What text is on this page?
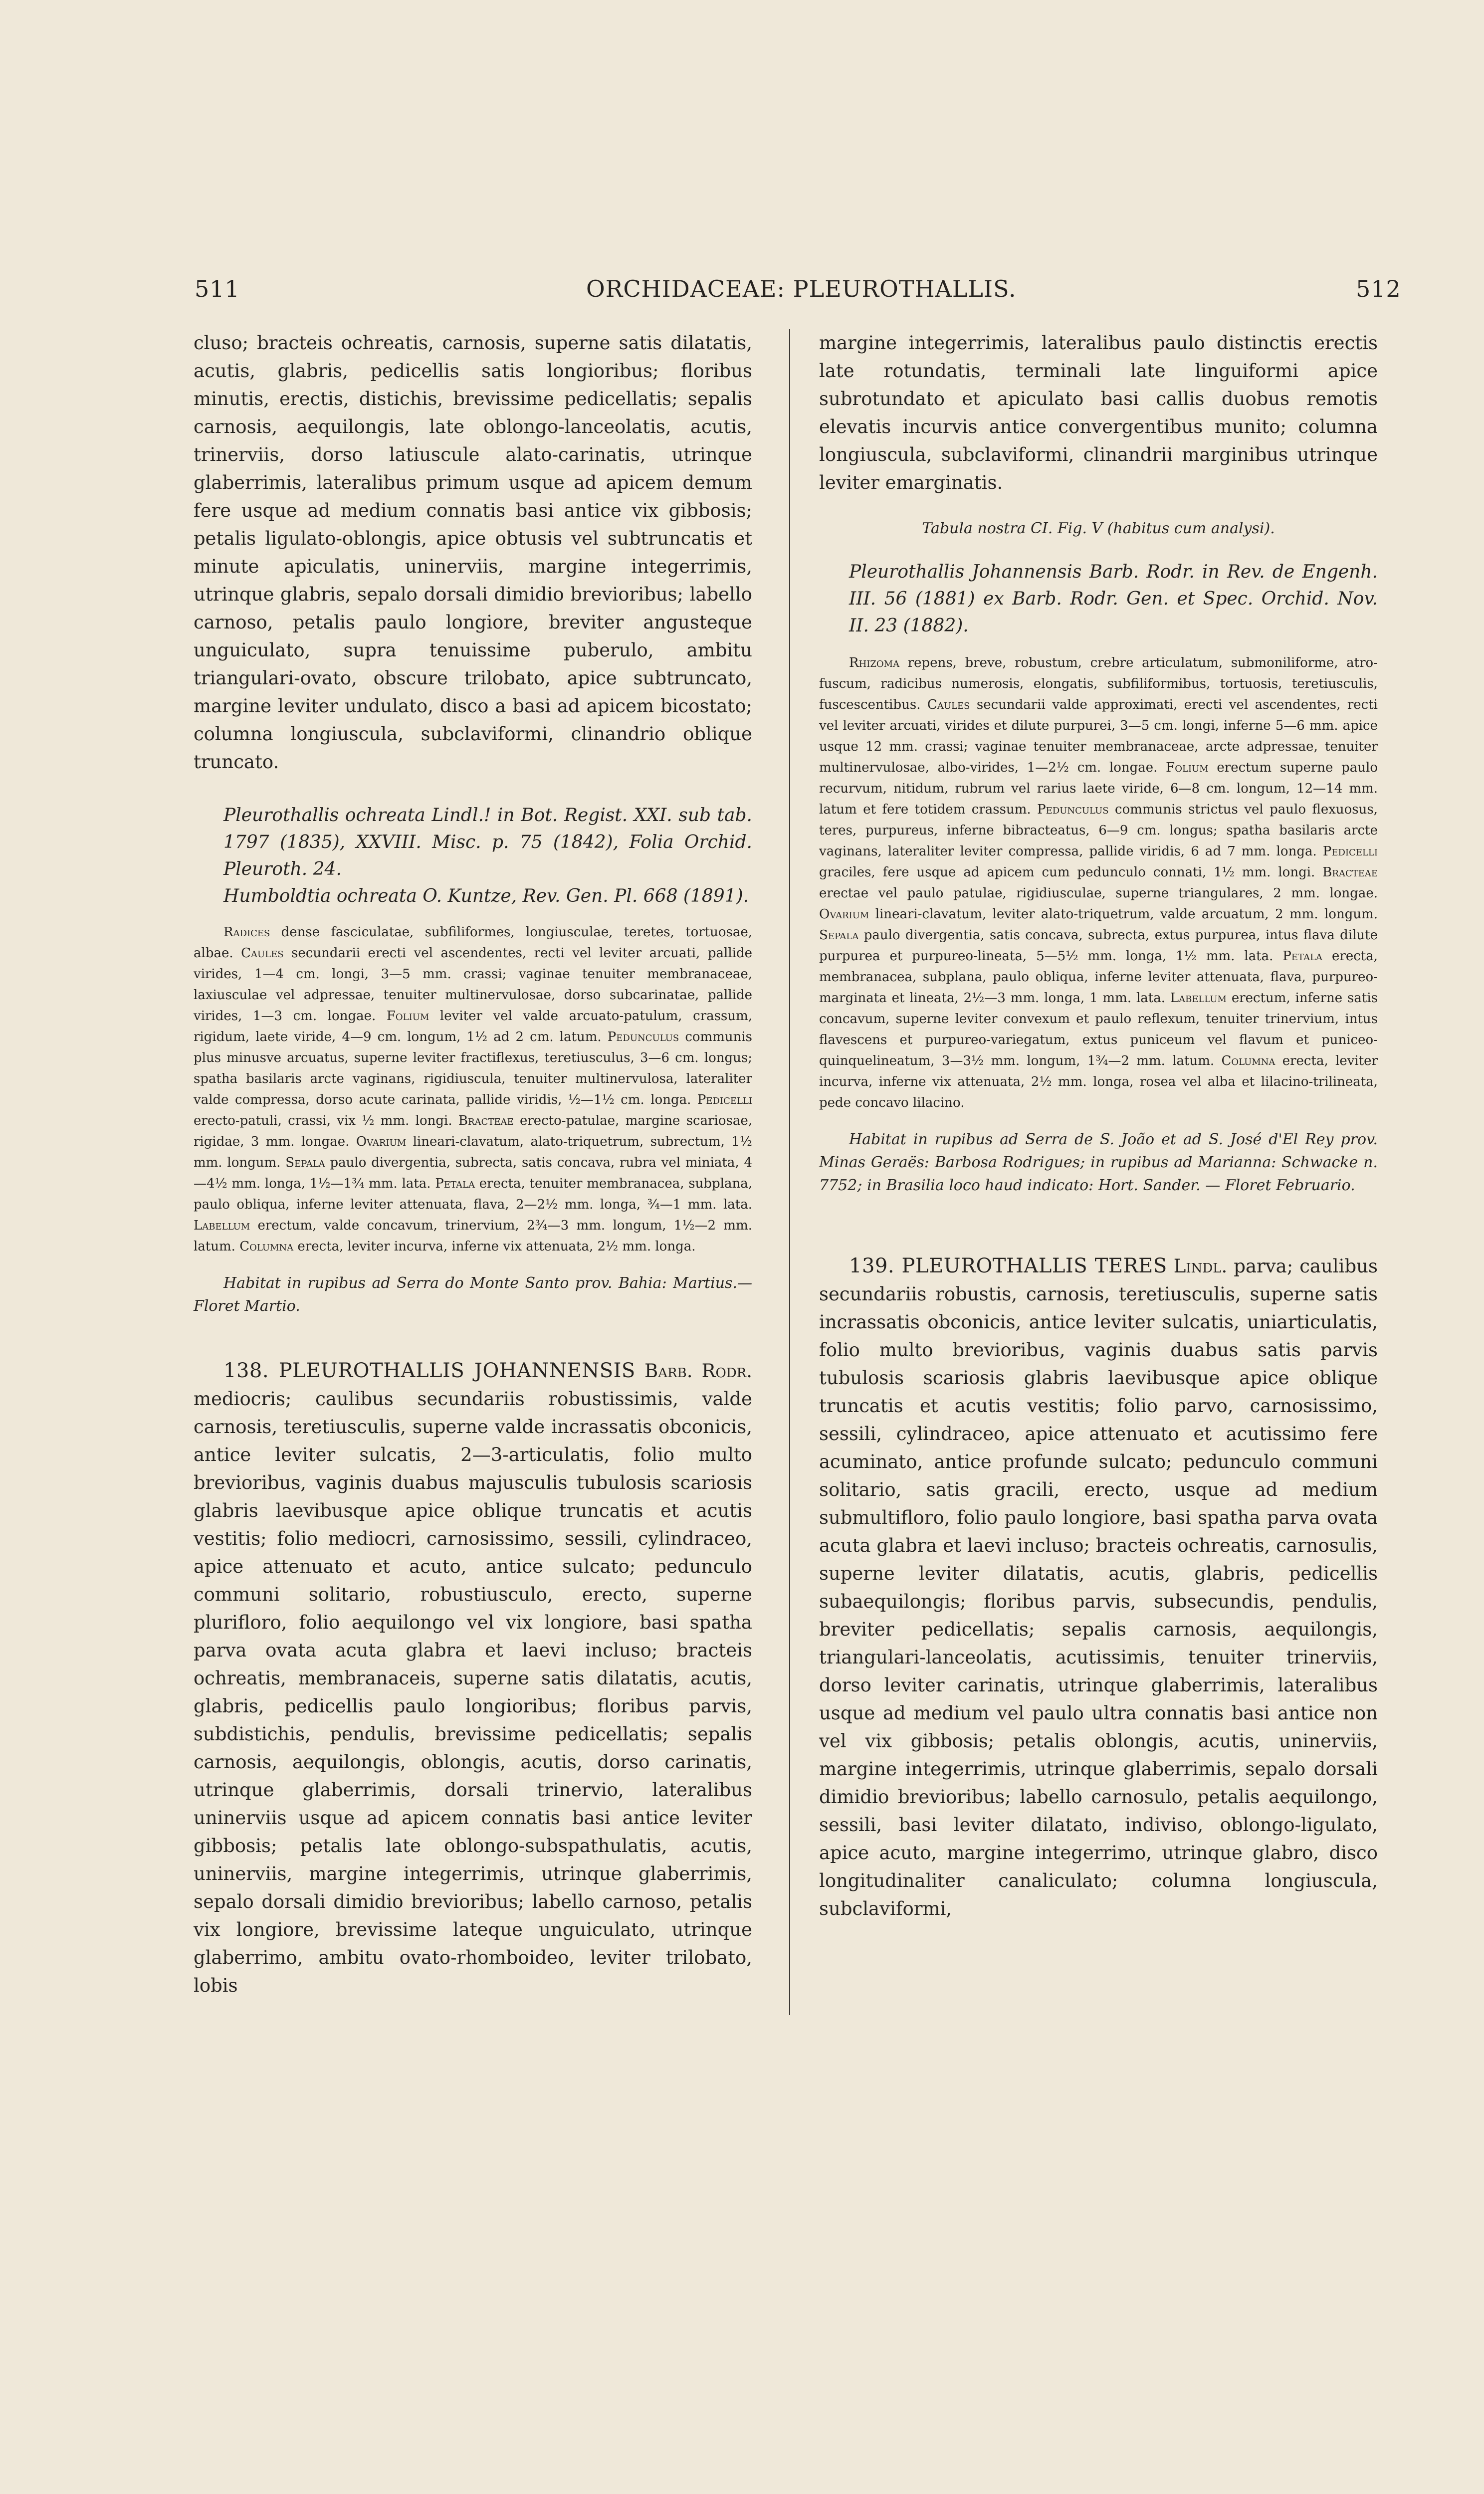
511	ORCHIDACEAE: PLEUROTHALLIS.	512

cluso; bracteis ochreatis, carnosis, superne satis dilatatis, acutis, glabris, pedicellis satis longioribus; floribus minutis, erectis, distichis, brevissime pedicellatis; sepalis carnosis, aequilongis, late oblongo-lanceolatis, acutis, trinerviis, dorso latiuscule alato-carinatis, utrinque glaberrimis, lateralibus primum usque ad apicem demum fere usque ad medium connatis basi antice vix gibbosis; petalis ligulato-oblongis, apice obtusis vel subtruncatis et minute apiculatis, uninerviis, margine integerrimis, utrinque glabris, sepalo dorsali dimidio brevioribus; labello carnoso, petalis paulo longiore, breviter angusteque unguiculato, supra tenuissime puberulo, ambitu triangulari-ovato, obscure trilobato, apice subtruncato, margine leviter undulato, disco a basi ad apicem bicostato; columna longiuscula, subclaviformi, clinandrio oblique truncato.

Pleurothallis ochreata Lindl.! in Bot. Regist. XXI. sub tab. 1797 (1835), XXVIII. Misc. p. 75 (1842), Folia Orchid. Pleuroth. 24.

Humboldtia ochreata O. Kuntze, Rev. Gen. Pl. 668 (1891).

Radices dense fasciculatae, subfiliformes, longiusculae, teretes, tortuosae, albae. Caules secundarii erecti vel ascendentes, recti vel leviter arcuati, pallide virides, 1—4 cm. longi, 3—5 mm. crassi; vaginae tenuiter membranaceae, laxiusculae vel adpressae, tenuiter multinervulosae, dorso subcarinatae, pallide virides, 1—3 cm. longae. Folium leviter vel valde arcuato-patulum, crassum, rigidum, laete viride, 4—9 cm. longum, 1½ ad 2 cm. latum. Pedunculus communis plus minusve arcuatus, superne leviter fractiflexus, teretiusculus, 3—6 cm. longus; spatha basilaris arcte vaginans, rigidiuscula, tenuiter multinervulosa, lateraliter valde compressa, dorso acute carinata, pallide viridis, ½—1½ cm. longa. Pedicelli erecto-patuli, crassi, vix ½ mm. longi. Bracteae erecto-patulae, margine scariosae, rigidae, 3 mm. longae. Ovarium lineari-clavatum, alato-triquetrum, subrectum, 1½ mm. longum. Sepala paulo divergentia, subrecta, satis concava, rubra vel miniata, 4—4½ mm. longa, 1½—1¾ mm. lata. Petala erecta, tenuiter membranacea, subplana, paulo obliqua, inferne leviter attenuata, flava, 2—2½ mm. longa, ¾—1 mm. lata. Labellum erectum, valde concavum, trinervium, 2¾—3 mm. longum, 1½—2 mm. latum. Columna erecta, leviter incurva, inferne vix attenuata, 2½ mm. longa.

Habitat in rupibus ad Serra do Monte Santo prov. Bahia: Martius.— Floret Martio.

138. PLEUROTHALLIS JOHANNENSIS Barb. Rodr. mediocris; caulibus secundariis robustissimis, valde carnosis, teretiusculis, superne valde incrassatis obconicis, antice leviter sulcatis, 2—3-articulatis, folio multo brevioribus, vaginis duabus majusculis tubulosis scariosis glabris laevibusque apice oblique truncatis et acutis vestitis; folio mediocri, carnosissimo, sessili, cylindraceo, apice attenuato et acuto, antice sulcato; pedunculo communi solitario, robustiusculo, erecto, superne plurifloro, folio aequilongo vel vix longiore, basi spatha parva ovata acuta glabra et laevi incluso; bracteis ochreatis, membranaceis, superne satis dilatatis, acutis, glabris, pedicellis paulo longioribus; floribus parvis, subdistichis, pendulis, brevissime pedicellatis; sepalis carnosis, aequilongis, oblongis, acutis, dorso carinatis, utrinque glaberrimis, dorsali trinervio, lateralibus uninerviis usque ad apicem connatis basi antice leviter gibbosis; petalis late oblongo-subspathulatis, acutis, uninerviis, margine integerrimis, utrinque glaberrimis, sepalo dorsali dimidio brevioribus; labello carnoso, petalis vix longiore, brevissime lateque unguiculato, utrinque glaberrimo, ambitu ovato-rhomboideo, leviter trilobato, lobis

margine integerrimis, lateralibus paulo distinctis erectis late rotundatis, terminali late linguiformi apice subrotundato et apiculato basi callis duobus remotis elevatis incurvis antice convergentibus munito; columna longiuscula, subclaviformi, clinandrii marginibus utrinque leviter emarginatis.

Tabula nostra CI. Fig. V (habitus cum analysi).

Pleurothallis Johannensis Barb. Rodr. in Rev. de Engenh. III. 56 (1881) ex Barb. Rodr. Gen. et Spec. Orchid. Nov. II. 23 (1882).

Rhizoma repens, breve, robustum, crebre articulatum, submoniliforme, atro-fuscum, radicibus numerosis, elongatis, subfiliformibus, tortuosis, teretiusculis, fuscescentibus. Caules secundarii valde approximati, erecti vel ascendentes, recti vel leviter arcuati, virides et dilute purpurei, 3—5 cm. longi, inferne 5—6 mm. apice usque 12 mm. crassi; vaginae tenuiter membranaceae, arcte adpressae, tenuiter multinervulosae, albo-virides, 1—2½ cm. longae. Folium erectum superne paulo recurvum, nitidum, rubrum vel rarius laete viride, 6—8 cm. longum, 12—14 mm. latum et fere totidem crassum. Pedunculus communis strictus vel paulo flexuosus, teres, purpureus, inferne bibracteatus, 6—9 cm. longus; spatha basilaris arcte vaginans, lateraliter leviter compressa, pallide viridis, 6 ad 7 mm. longa. Pedicelli graciles, fere usque ad apicem cum pedunculo connati, 1½ mm. longi. Bracteae erectae vel paulo patulae, rigidiusculae, superne triangulares, 2 mm. longae. Ovarium lineari-clavatum, leviter alato-triquetrum, valde arcuatum, 2 mm. longum. Sepala paulo divergentia, satis concava, subrecta, extus purpurea, intus flava dilute purpurea et purpureo-lineata, 5—5½ mm. longa, 1½ mm. lata. Petala erecta, membranacea, subplana, paulo obliqua, inferne leviter attenuata, flava, purpureo-marginata et lineata, 2½—3 mm. longa, 1 mm. lata. Labellum erectum, inferne satis concavum, superne leviter convexum et paulo reflexum, tenuiter trinervium, intus flavescens et purpureo-variegatum, extus puniceum vel flavum et puniceo-quinquelineatum, 3—3½ mm. longum, 1¾—2 mm. latum. Columna erecta, leviter incurva, inferne vix attenuata, 2½ mm. longa, rosea vel alba et lilacino-trilineata, pede concavo lilacino.

Habitat in rupibus ad Serra de S. João et ad S. José d'El Rey prov. Minas Geraës: Barbosa Rodrigues; in rupibus ad Marianna: Schwacke n. 7752; in Brasilia loco haud indicato: Hort. Sander. — Floret Februario.

139. PLEUROTHALLIS TERES Lindl. parva; caulibus secundariis robustis, carnosis, teretiusculis, superne satis incrassatis obconicis, antice leviter sulcatis, uniarticulatis, folio multo brevioribus, vaginis duabus satis parvis tubulosis scariosis glabris laevibusque apice oblique truncatis et acutis vestitis; folio parvo, carnosissimo, sessili, cylindraceo, apice attenuato et acutissimo fere acuminato, antice profunde sulcato; pedunculo communi solitario, satis gracili, erecto, usque ad medium submultifloro, folio paulo longiore, basi spatha parva ovata acuta glabra et laevi incluso; bracteis ochreatis, carnosulis, superne leviter dilatatis, acutis, glabris, pedicellis subaequilongis; floribus parvis, subsecundis, pendulis, breviter pedicellatis; sepalis carnosis, aequilongis, triangulari-lanceolatis, acutissimis, tenuiter trinerviis, dorso leviter carinatis, utrinque glaberrimis, lateralibus usque ad medium vel paulo ultra connatis basi antice non vel vix gibbosis; petalis oblongis, acutis, uninerviis, margine integerrimis, utrinque glaberrimis, sepalo dorsali dimidio brevioribus; labello carnosulo, petalis aequilongo, sessili, basi leviter dilatato, indiviso, oblongo-ligulato, apice acuto, margine integerrimo, utrinque glabro, disco longitudinaliter canaliculato; columna longiuscula, subclaviformi,
